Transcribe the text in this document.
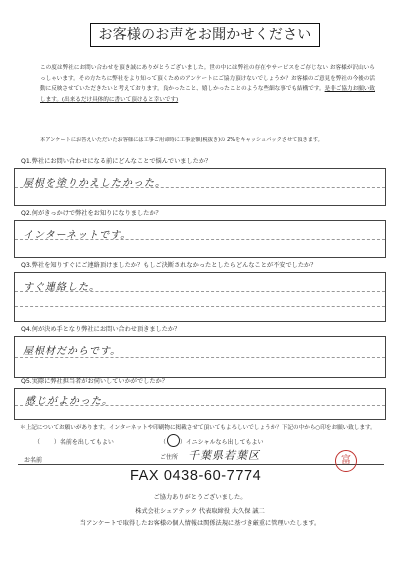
お客様のお声をお聞かせください
この度は弊社にお問い合わせを頂き誠にありがとうございました。世の中には弊社の存在やサービスをご存じない お客様が沢山いらっしゃいます。その方たちに弊社をより知って頂くためのアンケートにご協力頂けないでしょうか？お客様のご意見を弊社の今後の活動に反映させていただきたいと考えております。良かったこと、嬉しかったことのような些細な事でも結構です。是非ご協力お願い致します。(出来るだけ具体的に書いて頂けると幸いです)
本アンケートにお答えいただいたお客様には工事ご用命時に工事金額(税抜き)の 2%をキャッシュバックさせて頂きます。
Q1.弊社にお問い合わせになる前にどんなことで悩んでいましたか？
屋根を塗りかえしたかった。
Q2.何がきっかけで弊社をお知りになりましたか？
インターネットです。
Q3.弊社を知りすぐにご連絡頂けましたか？もしご決断されなかったとしたらどんなことが不安でしたか？
すぐ連絡した。
Q4.何が決め手となり弊社にお問い合わせ頂きましたか？
屋根材だからです。
Q5.実際に弊社担当者がお伺いしていかがでしたか？
感じがよかった。
＊上記についてお願いがあります。インターネットや印刷物に掲載させて頂いてもよろしいでしょうか？下記の中から○印をお願い致します。
（ ）名前を出してもよい	（ ）イニシャルなら出してもよい
お名前	ご住所 千葉県若葉区	富
FAX 0438-60-7774
ご協力ありがとうございました。
株式会社シェアテック 代表取締役 大久保 誠二
当アンケートで取得したお客様の個人情報は関係法規に基づき厳重に管理いたします。
